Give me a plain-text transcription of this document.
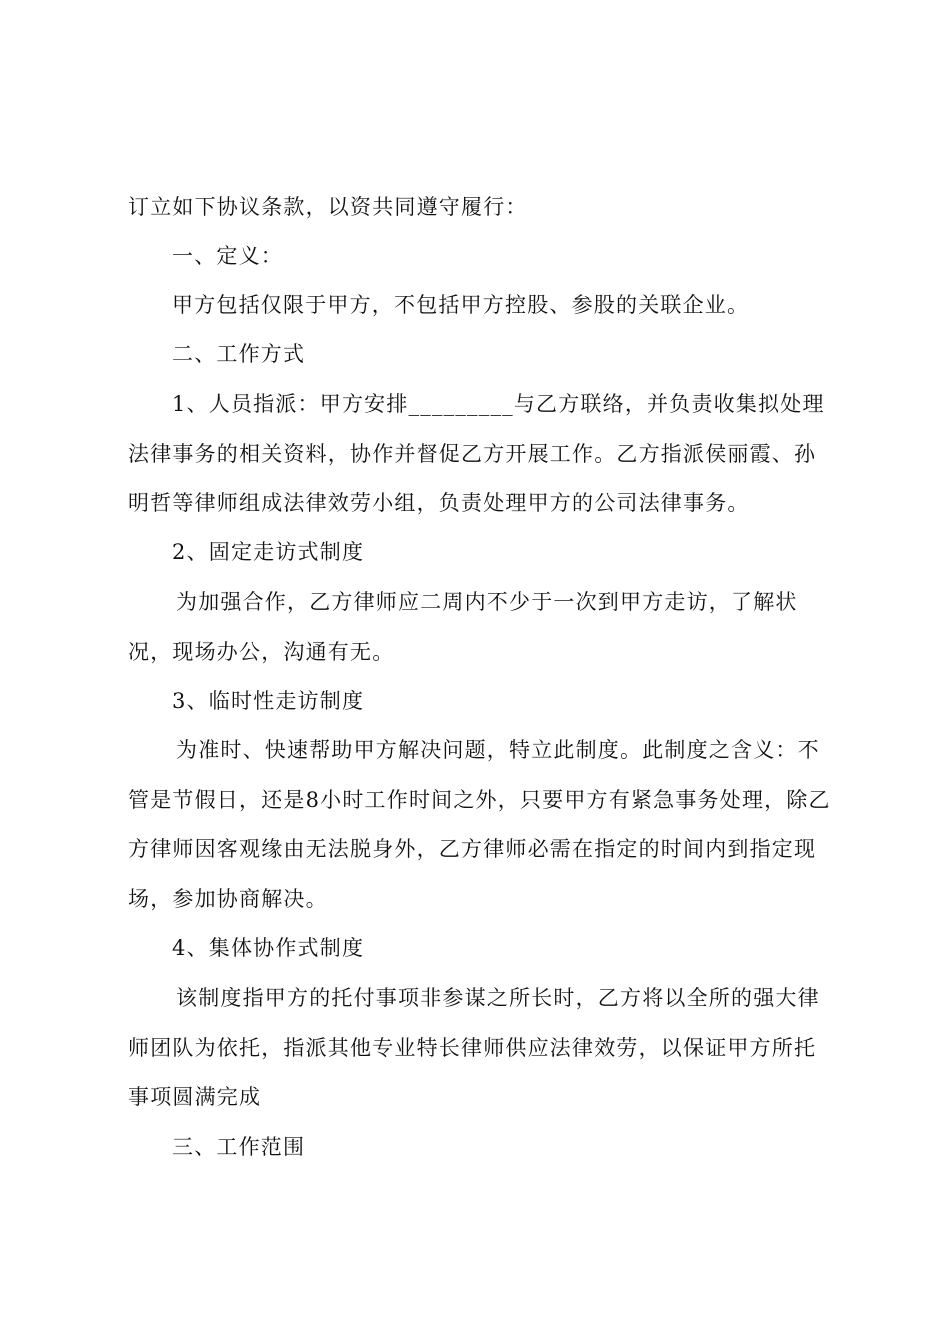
订立如下协议条款，以资共同遵守履行：

一、定义：

甲方包括仅限于甲方，不包括甲方控股、参股的关联企业。

二、工作方式

1、人员指派：甲方安排_________与乙方联络，并负责收集拟处理法律事务的相关资料，协作并督促乙方开展工作。乙方指派侯丽霞、孙明哲等律师组成法律效劳小组，负责处理甲方的公司法律事务。

2、固定走访式制度

为加强合作，乙方律师应二周内不少于一次到甲方走访，了解状况，现场办公，沟通有无。

3、临时性走访制度

为准时、快速帮助甲方解决问题，特立此制度。此制度之含义：不管是节假日，还是8小时工作时间之外，只要甲方有紧急事务处理，除乙方律师因客观缘由无法脱身外，乙方律师必需在指定的时间内到指定现场，参加协商解决。

4、集体协作式制度

该制度指甲方的托付事项非参谋之所长时，乙方将以全所的强大律师团队为依托，指派其他专业特长律师供应法律效劳，以保证甲方所托事项圆满完成

三、工作范围
